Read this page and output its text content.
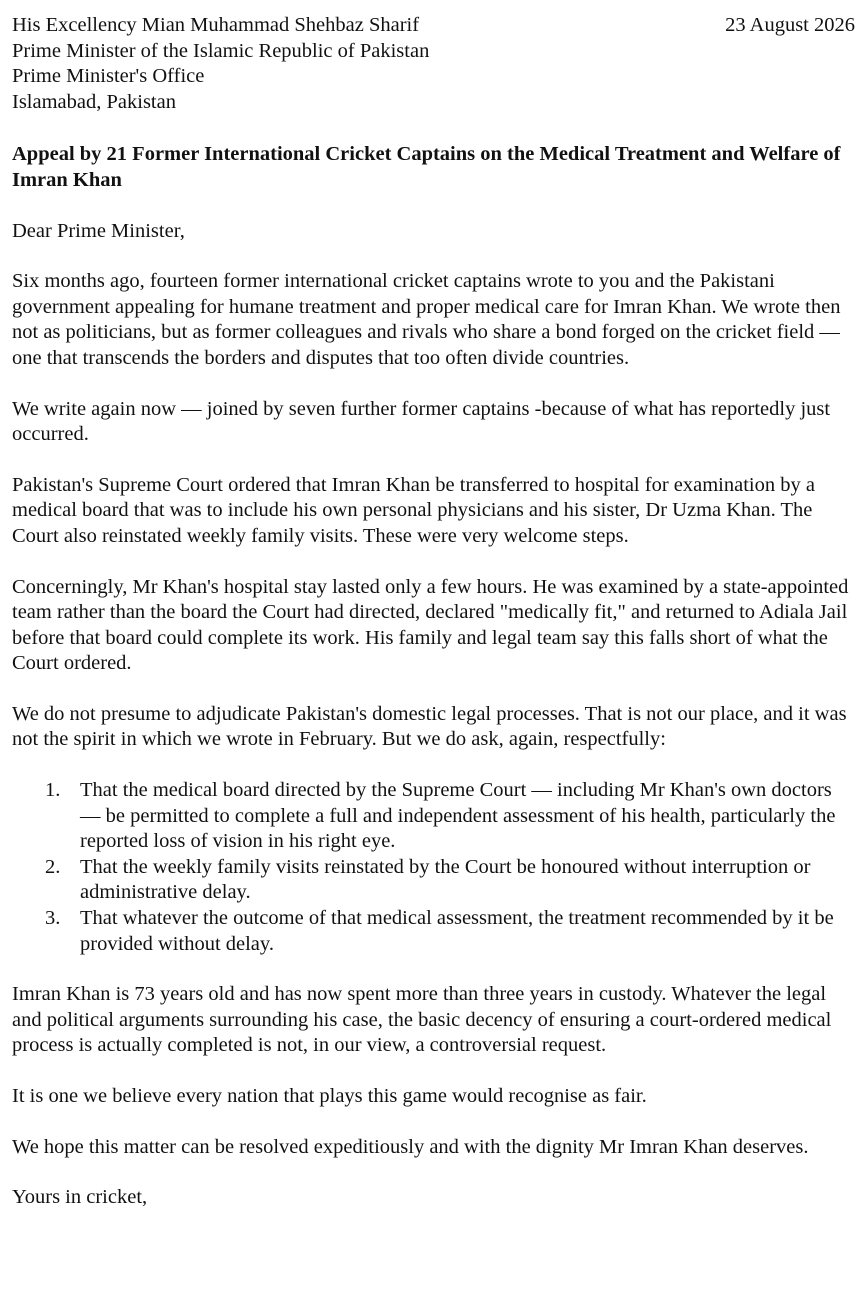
His Excellency Mian Muhammad Shehbaz Sharif
Prime Minister of the Islamic Republic of Pakistan
Prime Minister's Office
Islamabad, Pakistan
23 August 2026
Appeal by 21 Former International Cricket Captains on the Medical Treatment and Welfare of Imran Khan
Dear Prime Minister,
Six months ago, fourteen former international cricket captains wrote to you and the Pakistani government appealing for humane treatment and proper medical care for Imran Khan. We wrote then not as politicians, but as former colleagues and rivals who share a bond forged on the cricket field — one that transcends the borders and disputes that too often divide countries.
We write again now — joined by seven further former captains -because of what has reportedly just occurred.
Pakistan's Supreme Court ordered that Imran Khan be transferred to hospital for examination by a medical board that was to include his own personal physicians and his sister, Dr Uzma Khan. The Court also reinstated weekly family visits. These were very welcome steps.
Concerningly, Mr Khan's hospital stay lasted only a few hours. He was examined by a state-appointed team rather than the board the Court had directed, declared "medically fit," and returned to Adiala Jail before that board could complete its work. His family and legal team say this falls short of what the Court ordered.
We do not presume to adjudicate Pakistan's domestic legal processes. That is not our place, and it was not the spirit in which we wrote in February. But we do ask, again, respectfully:
1. That the medical board directed by the Supreme Court — including Mr Khan's own doctors — be permitted to complete a full and independent assessment of his health, particularly the reported loss of vision in his right eye.
2. That the weekly family visits reinstated by the Court be honoured without interruption or administrative delay.
3. That whatever the outcome of that medical assessment, the treatment recommended by it be provided without delay.
Imran Khan is 73 years old and has now spent more than three years in custody. Whatever the legal and political arguments surrounding his case, the basic decency of ensuring a court-ordered medical process is actually completed is not, in our view, a controversial request.
It is one we believe every nation that plays this game would recognise as fair.
We hope this matter can be resolved expeditiously and with the dignity Mr Imran Khan deserves.
Yours in cricket,
